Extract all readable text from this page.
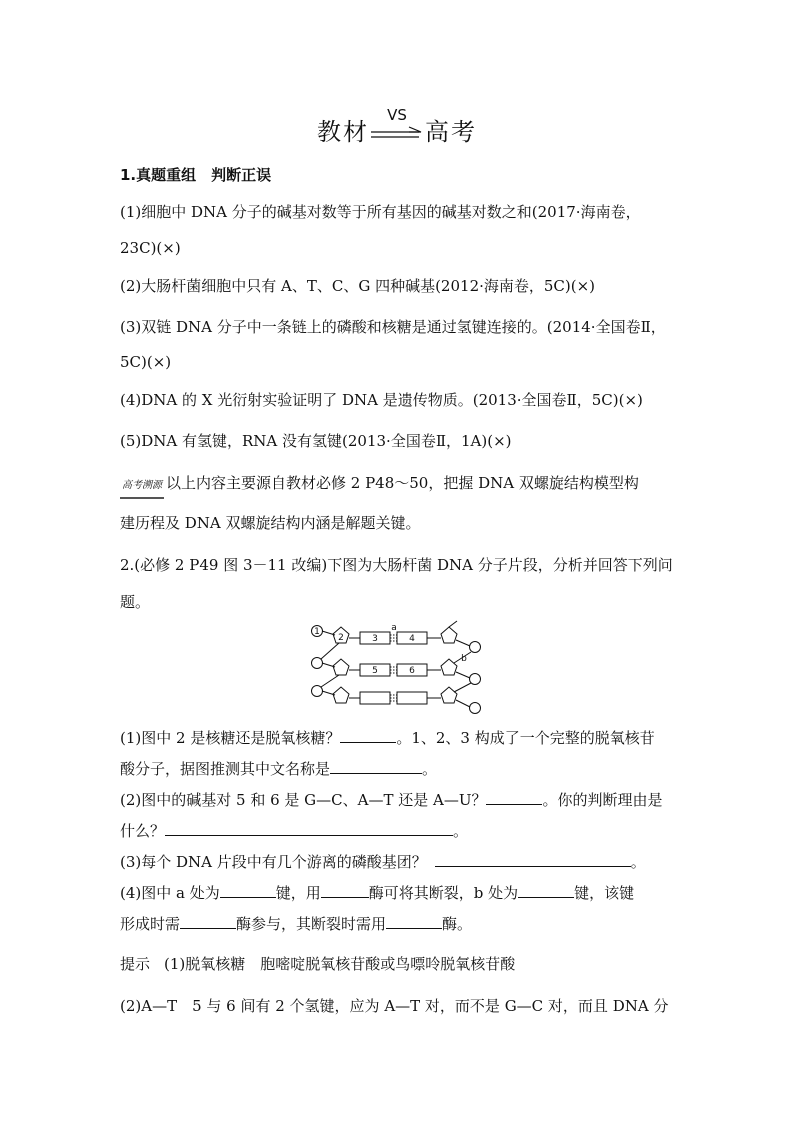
教材
VS
高考
1.真题重组　判断正误
(1)细胞中 DNA 分子的碱基对数等于所有基因的碱基对数之和(2017·海南卷，
23C)(×)
(2)大肠杆菌细胞中只有 A、T、C、G 四种碱基(2012·海南卷，5C)(×)
(3)双链 DNA 分子中一条链上的磷酸和核糖是通过氢键连接的。(2014·全国卷Ⅱ，
5C)(×)
(4)DNA 的 X 光衍射实验证明了 DNA 是遗传物质。(2013·全国卷Ⅱ，5C)(×)
(5)DNA 有氢键，RNA 没有氢键(2013·全国卷Ⅱ，1A)(×)
高考溯源 以上内容主要源自教材必修 2 P48～50，把握 DNA 双螺旋结构模型构
建历程及 DNA 双螺旋结构内涵是解题关键。
2.(必修 2 P49 图 3－11 改编)下图为大肠杆菌 DNA 分子片段，分析并回答下列问
题。
1
2	3	4
5	6
a
b
(1)图中 2 是核糖还是脱氧核糖？	。1、2、3 构成了一个完整的脱氧核苷
酸分子，据图推测其中文名称是	。
(2)图中的碱基对 5 和 6 是 G—C、A—T 还是 A—U？	。你的判断理由是
什么？	。
(3)每个 DNA 片段中有几个游离的磷酸基团？	。
(4)图中 a 处为	键，用	酶可将其断裂，b 处为	键，该键
形成时需	酶参与，其断裂时需用	酶。
提示 (1)脱氧核糖　胞嘧啶脱氧核苷酸或鸟嘌呤脱氧核苷酸
(2)A—T　5 与 6 间有 2 个氢键，应为 A—T 对，而不是 G—C 对，而且 DNA 分
